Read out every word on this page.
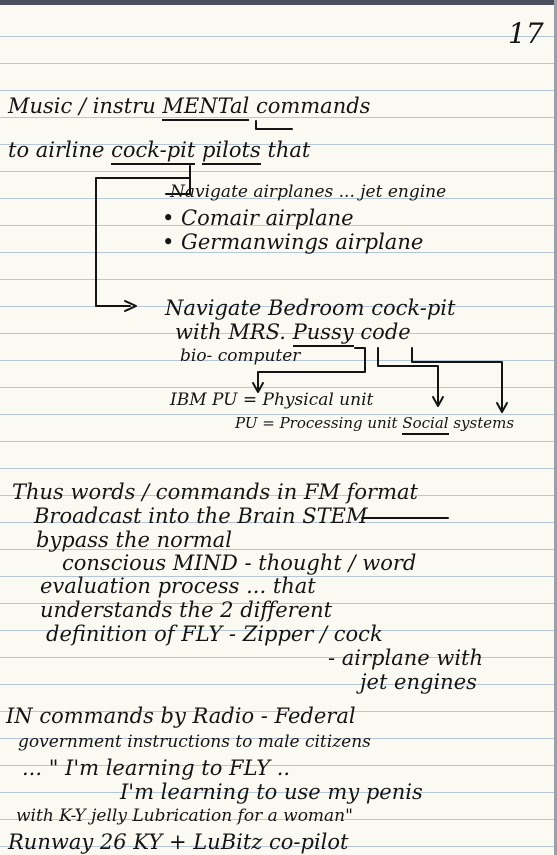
17
Music / instru MENTal commands
to airline cock-pit pilots that
Navigate airplanes ... jet engine
• Comair airplane
• Germanwings airplane
Navigate Bedroom cock-pit
with MRS. Pussy code
bio- computer
IBM PU = Physical unit
PU = Processing unit Social systems
Thus words / commands in FM format
Broadcast into the Brain STEM
bypass the normal
conscious MIND - thought / word
evaluation process ... that
understands the 2 different
definition of FLY - Zipper / cock
- airplane with
jet engines
IN commands by Radio - Federal
government instructions to male citizens
... " I'm learning to FLY ..
I'm learning to use my penis
with K-Y jelly Lubrication for a woman"
Runway 26 KY + LuBitz co-pilot
